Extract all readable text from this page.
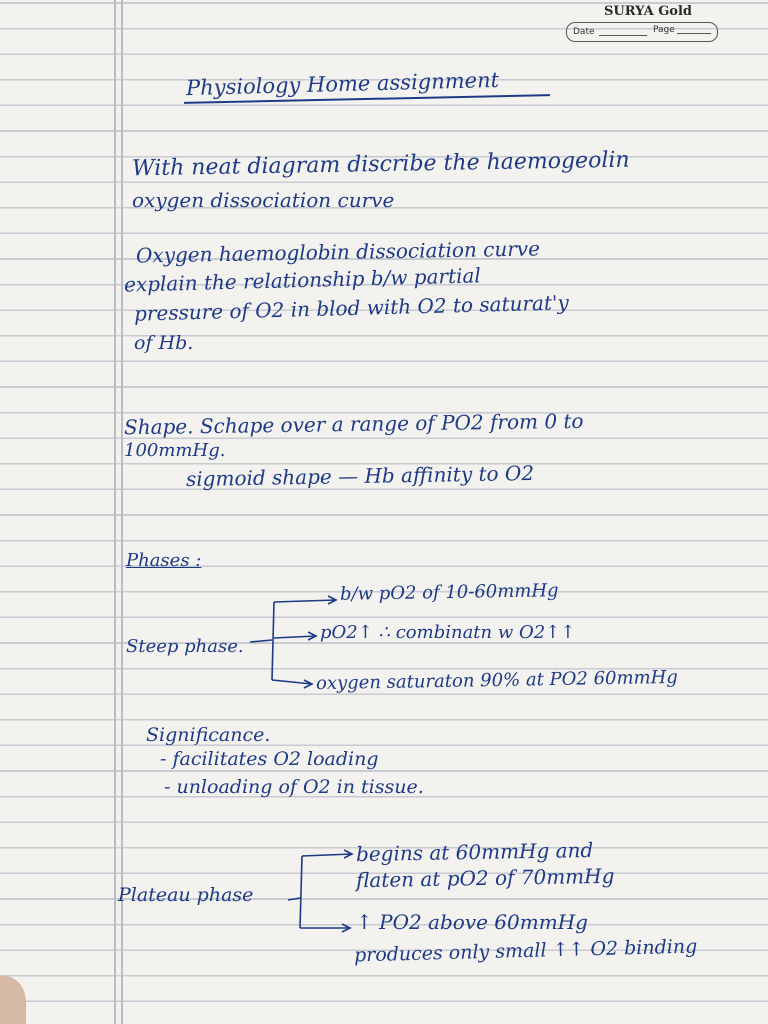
SURYA Gold
Date	Page
Physiology Home assignment
With neat diagram discribe the haemogeolin
oxygen dissociation curve
Oxygen haemoglobin dissociation curve
explain the relationship b/w partial
pressure of O2 in blod with O2 to saturat'y
of Hb.
Shape. Schape over a range of PO2 from 0 to
100mmHg.
sigmoid shape — Hb affinity to O2
Phases :
Steep phase.
b/w pO2 of 10-60mmHg
pO2↑ ∴ combinatn w O2↑↑
oxygen saturaton 90% at PO2 60mmHg
Significance.
- facilitates O2 loading
- unloading of O2 in tissue.
Plateau phase
begins at 60mmHg and
flaten at pO2 of 70mmHg
↑ PO2 above 60mmHg
produces only small ↑↑ O2 binding
